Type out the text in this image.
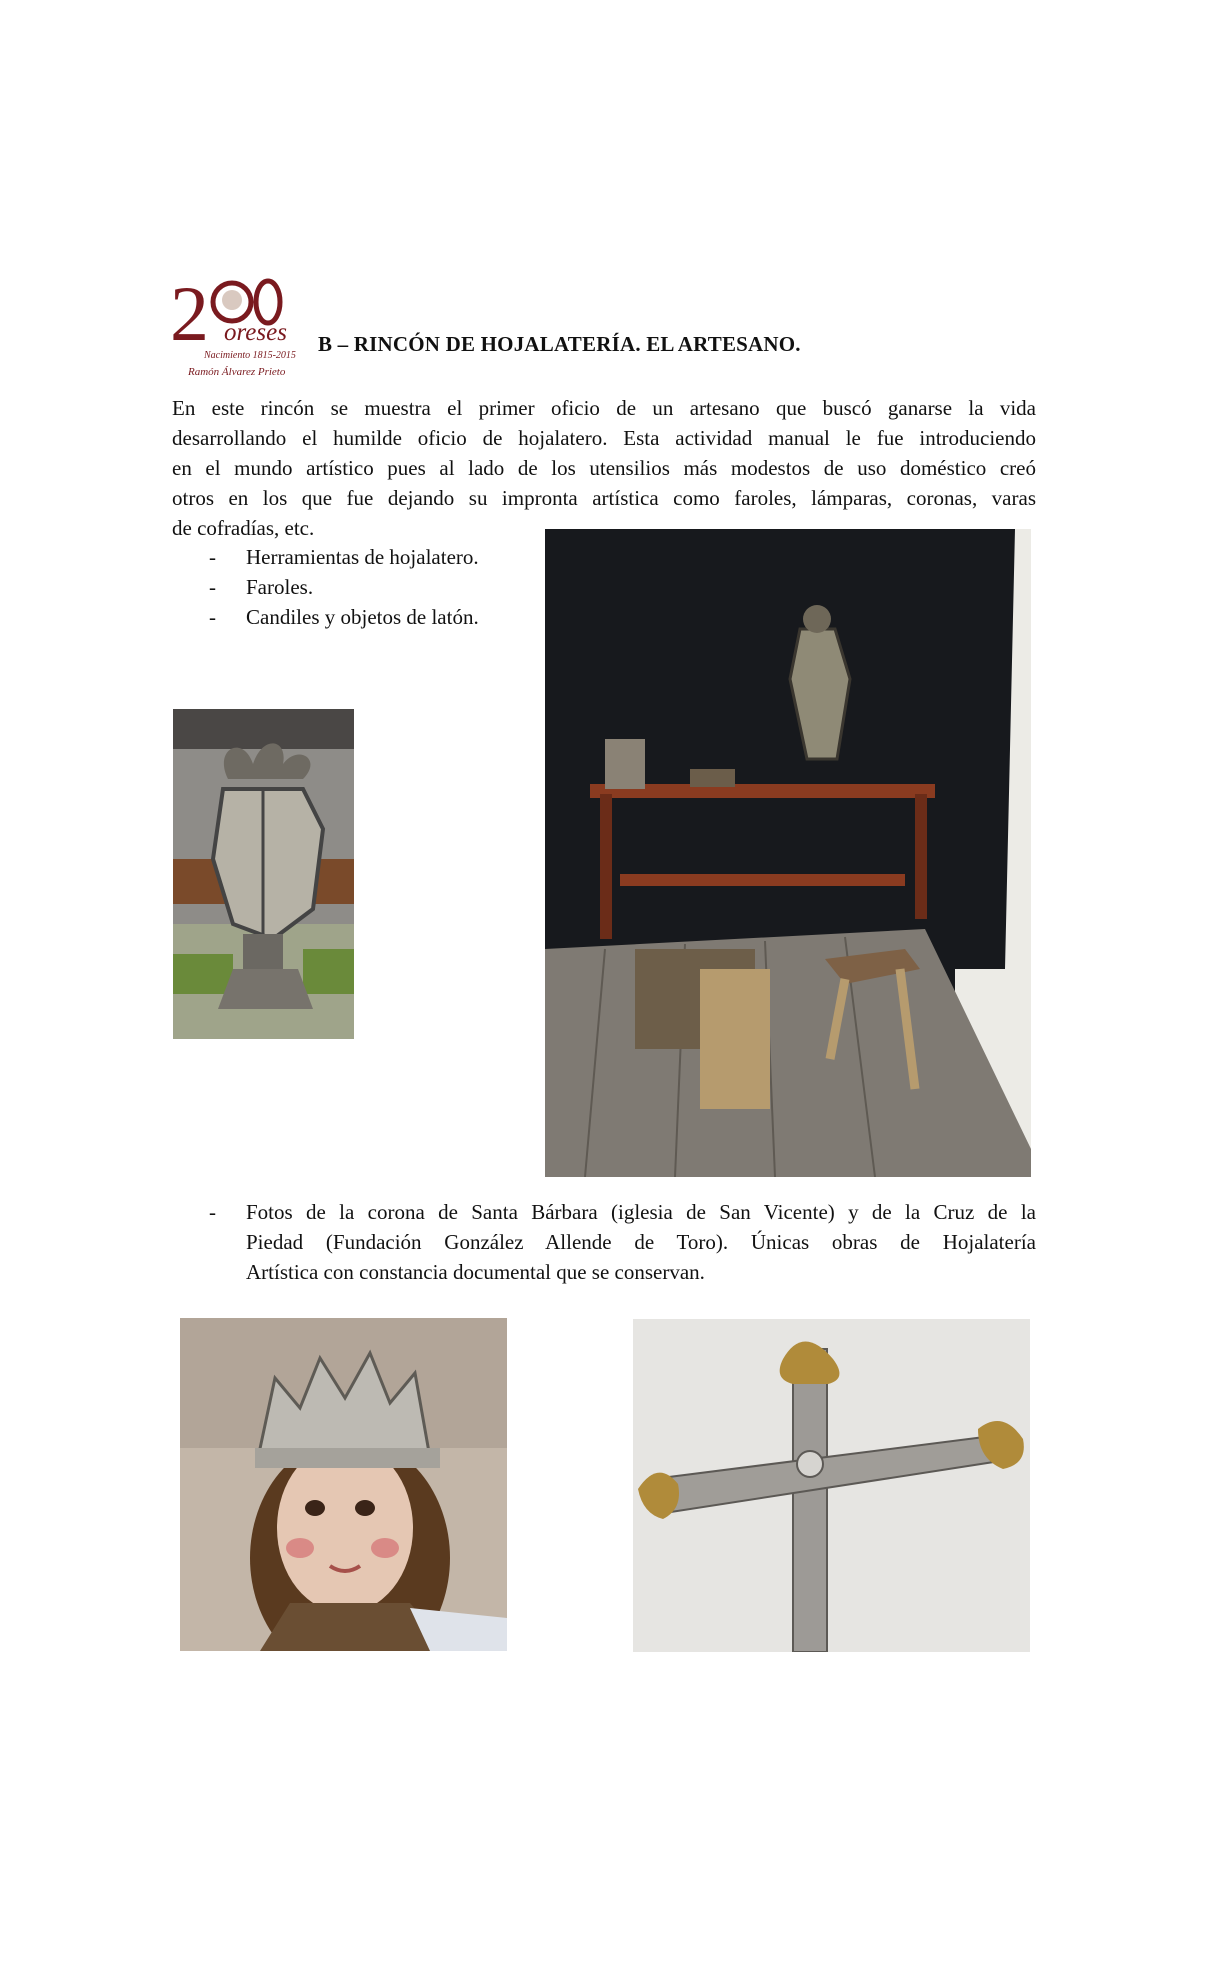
2 oreses
Nacimiento 1815-2015
Ramón Álvarez Prieto
B – RINCÓN DE HOJALATERÍA. EL ARTESANO.

En este rincón se muestra el primer oficio de un artesano que buscó ganarse la vida
desarrollando el humilde oficio de hojalatero. Esta actividad manual le fue introduciendo
en el mundo artístico pues al lado de los utensilios más modestos de uso doméstico creó
otros en los que fue dejando su impronta artística como faroles, lámparas, coronas, varas
de cofradías, etc.

- Herramientas de hojalatero.
- Faroles.
- Candiles y objetos de latón.
- Fotos de la corona de Santa Bárbara (iglesia de San Vicente) y de la Cruz de la
Piedad (Fundación González Allende de Toro). Únicas obras de Hojalatería
Artística con constancia documental que se conservan.
